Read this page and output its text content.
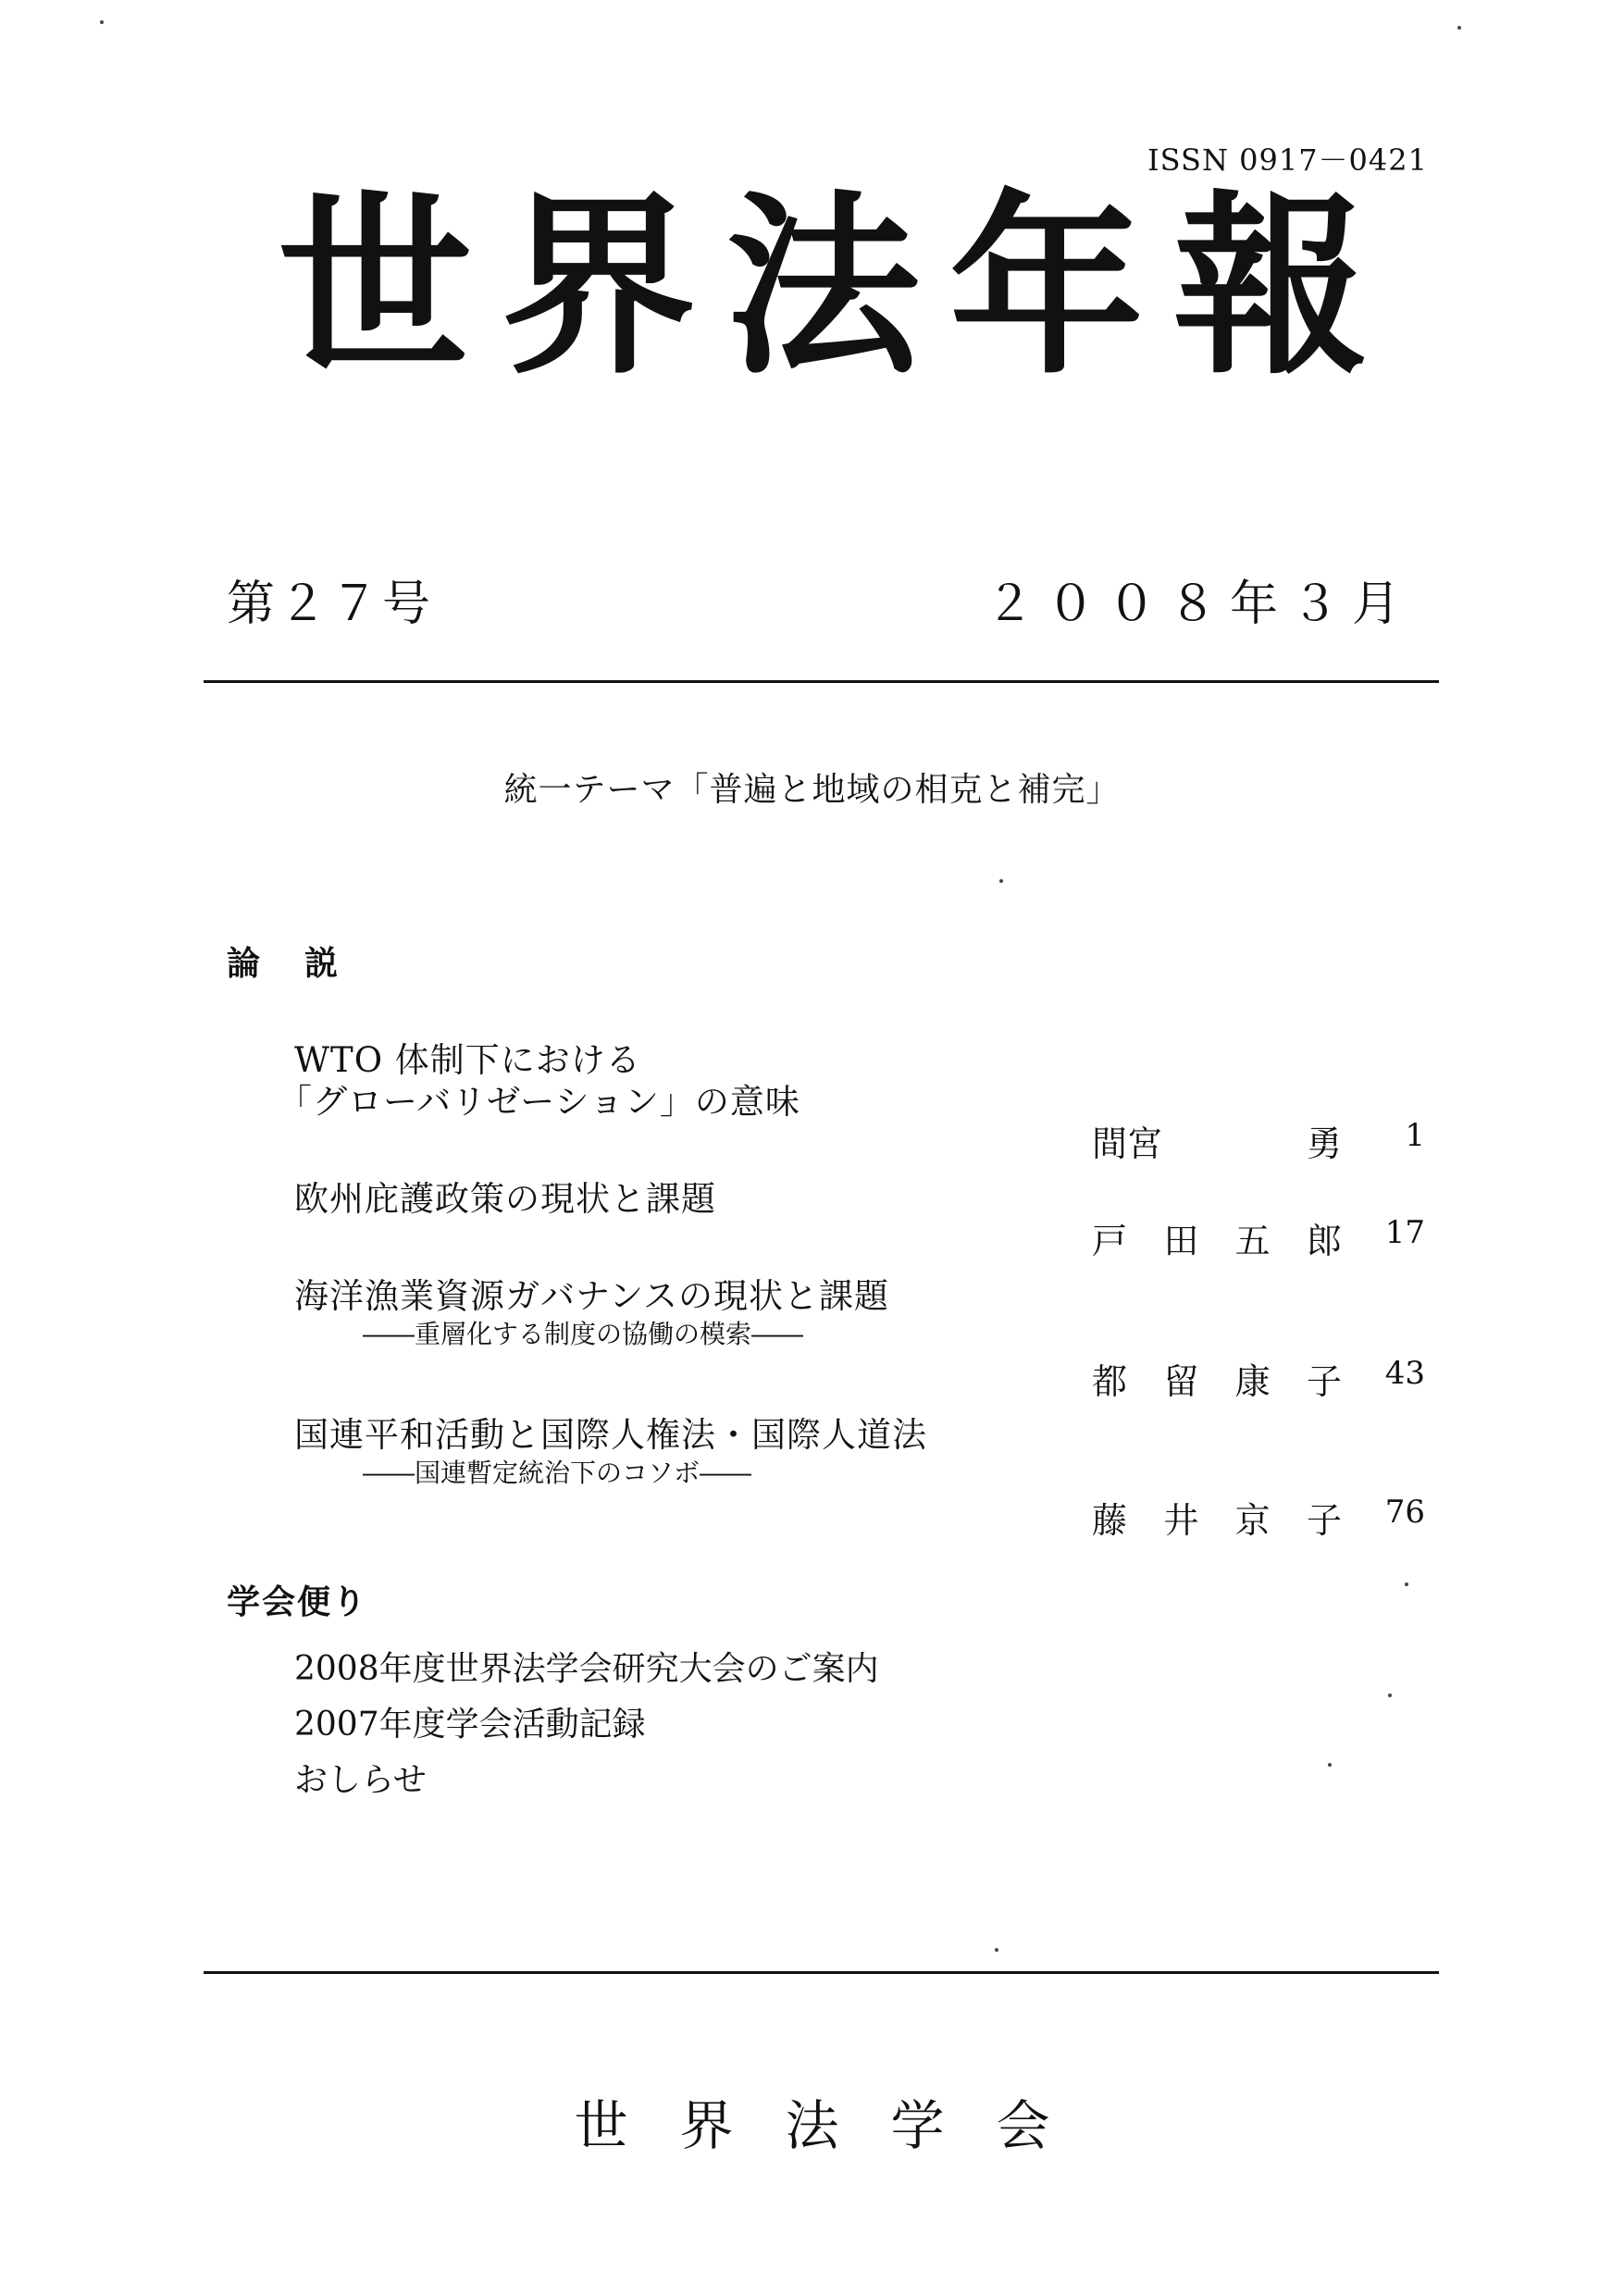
ISSN 0917－0421
世界法年報
第２７号	２００８年３月
統一テーマ「普遍と地域の相克と補完」
論説
WTO 体制下における
「グローバリゼーション」の意味
間 宮	勇 1
欧州庇護政策の現状と課題
戸 田 五 郎 17
海洋漁業資源ガバナンスの現状と課題
――重層化する制度の協働の模索――
都 留 康 子 43
国連平和活動と国際人権法・国際人道法
――国連暫定統治下のコソボ――
藤 井 京 子 76
学会便り
2008年度世界法学会研究大会のご案内
2007年度学会活動記録
おしらせ
世界法学会
